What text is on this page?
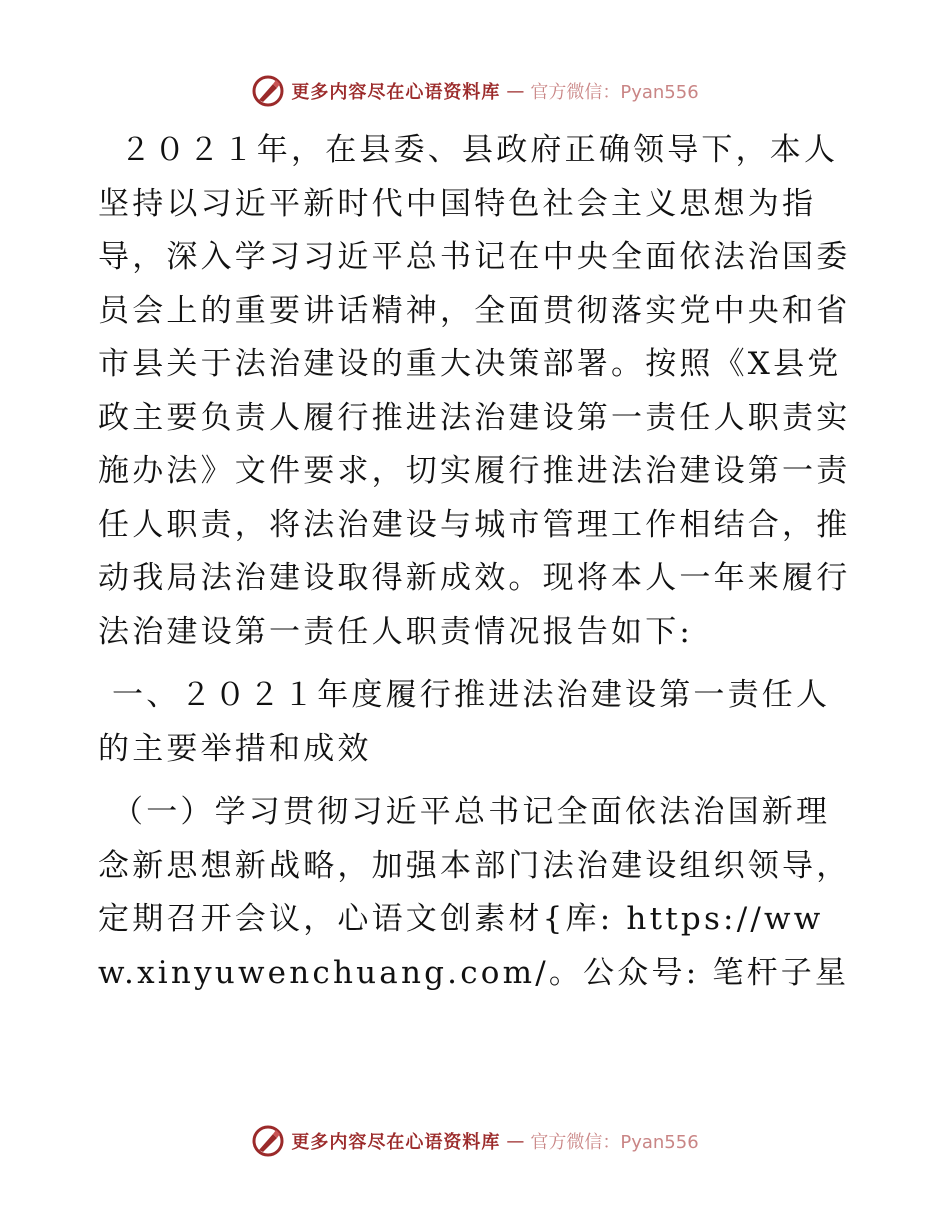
更多内容尽在心语资料库 — 官方微信：Pyan556

２０２１年，在县委、县政府正确领导下，本人坚持以习近平新时代中国特色社会主义思想为指导，深入学习习近平总书记在中央全面依法治国委员会上的重要讲话精神，全面贯彻落实党中央和省市县关于法治建设的重大决策部署。按照《X县党政主要负责人履行推进法治建设第一责任人职责实施办法》文件要求，切实履行推进法治建设第一责任人职责，将法治建设与城市管理工作相结合，推动我局法治建设取得新成效。现将本人一年来履行法治建设第一责任人职责情况报告如下:

一、２０２１年度履行推进法治建设第一责任人的主要举措和成效

（一）学习贯彻习近平总书记全面依法治国新理念新思想新战略，加强本部门法治建设组织领导，定期召开会议，心语文创素材{库: https://www.xinyuwenchuang.com/。公众号: 笔杆子星

更多内容尽在心语资料库 — 官方微信：Pyan556
